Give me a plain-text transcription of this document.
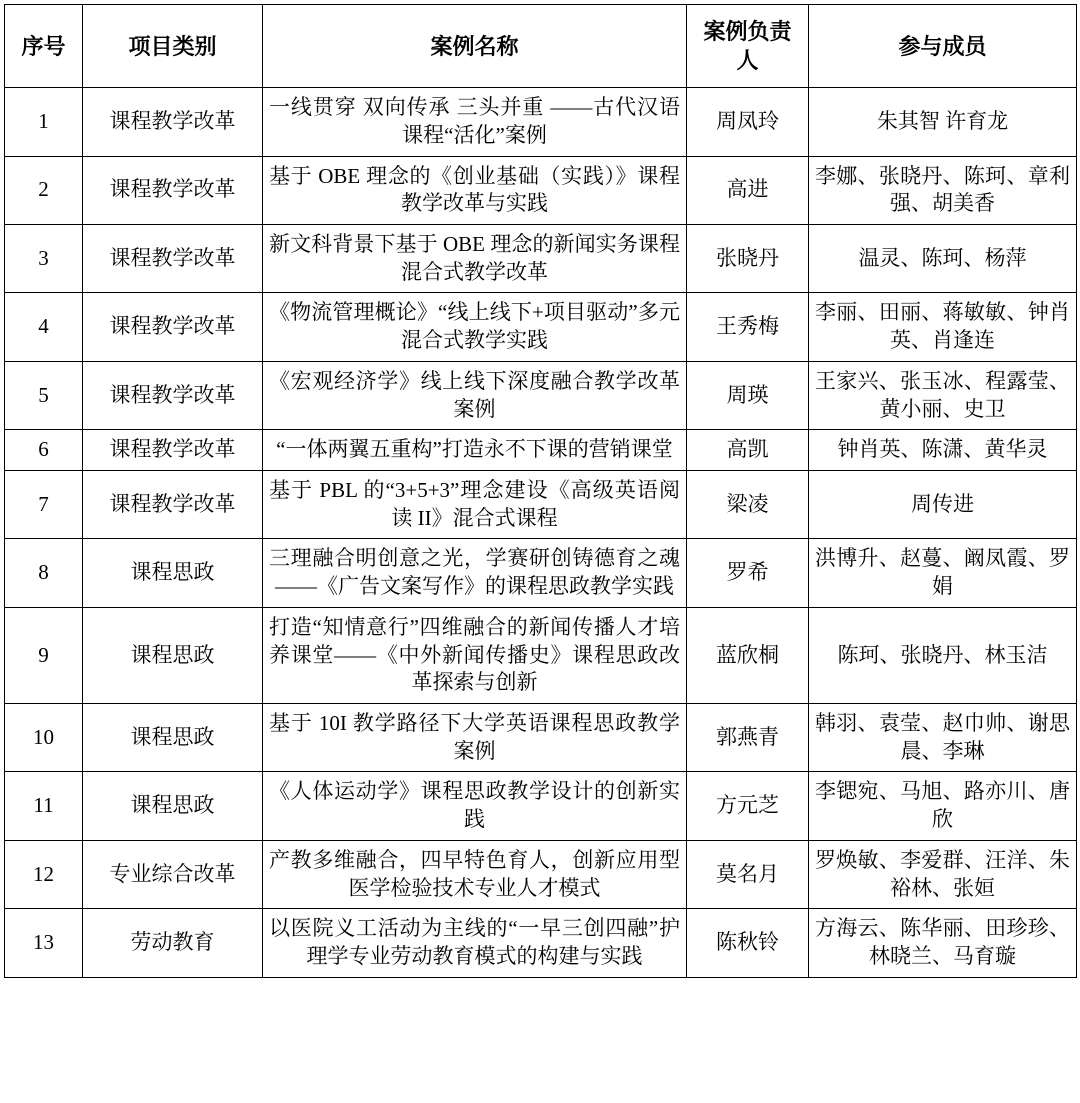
序号	项目类别	案例名称	案例负责人	参与成员
1	课程教学改革	一线贯穿 双向传承 三头并重 ——古代汉语课程“活化”案例	周凤玲	朱其智 许育龙
2	课程教学改革	基于 OBE 理念的《创业基础（实践）》课程教学改革与实践	高进	李娜、张晓丹、陈珂、章利强、胡美香
3	课程教学改革	新文科背景下基于 OBE 理念的新闻实务课程混合式教学改革	张晓丹	温灵、陈珂、杨萍
4	课程教学改革	《物流管理概论》“线上线下+项目驱动”多元混合式教学实践	王秀梅	李丽、田丽、蒋敏敏、钟肖英、肖逢连
5	课程教学改革	《宏观经济学》线上线下深度融合教学改革案例	周瑛	王家兴、张玉冰、程露莹、黄小丽、史卫
6	课程教学改革	“一体两翼五重构”打造永不下课的营销课堂	高凯	钟肖英、陈潇、黄华灵
7	课程教学改革	基于 PBL 的“3+5+3”理念建设《高级英语阅读 II》混合式课程	梁凌	周传进
8	课程思政	三理融合明创意之光，学赛研创铸德育之魂——《广告文案写作》的课程思政教学实践	罗希	洪博升、赵蔓、阚凤霞、罗娟
9	课程思政	打造“知情意行”四维融合的新闻传播人才培养课堂——《中外新闻传播史》课程思政改革探索与创新	蓝欣桐	陈珂、张晓丹、林玉洁
10	课程思政	基于 10I 教学路径下大学英语课程思政教学案例	郭燕青	韩羽、袁莹、赵巾帅、谢思晨、李琳
11	课程思政	《人体运动学》课程思政教学设计的创新实践	方元芝	李锶宛、马旭、路亦川、唐欣
12	专业综合改革	产教多维融合，四早特色育人，创新应用型医学检验技术专业人才模式	莫名月	罗焕敏、李爱群、汪洋、朱裕林、张姮
13	劳动教育	以医院义工活动为主线的“一早三创四融”护理学专业劳动教育模式的构建与实践	陈秋铃	方海云、陈华丽、田珍珍、林晓兰、马育璇
